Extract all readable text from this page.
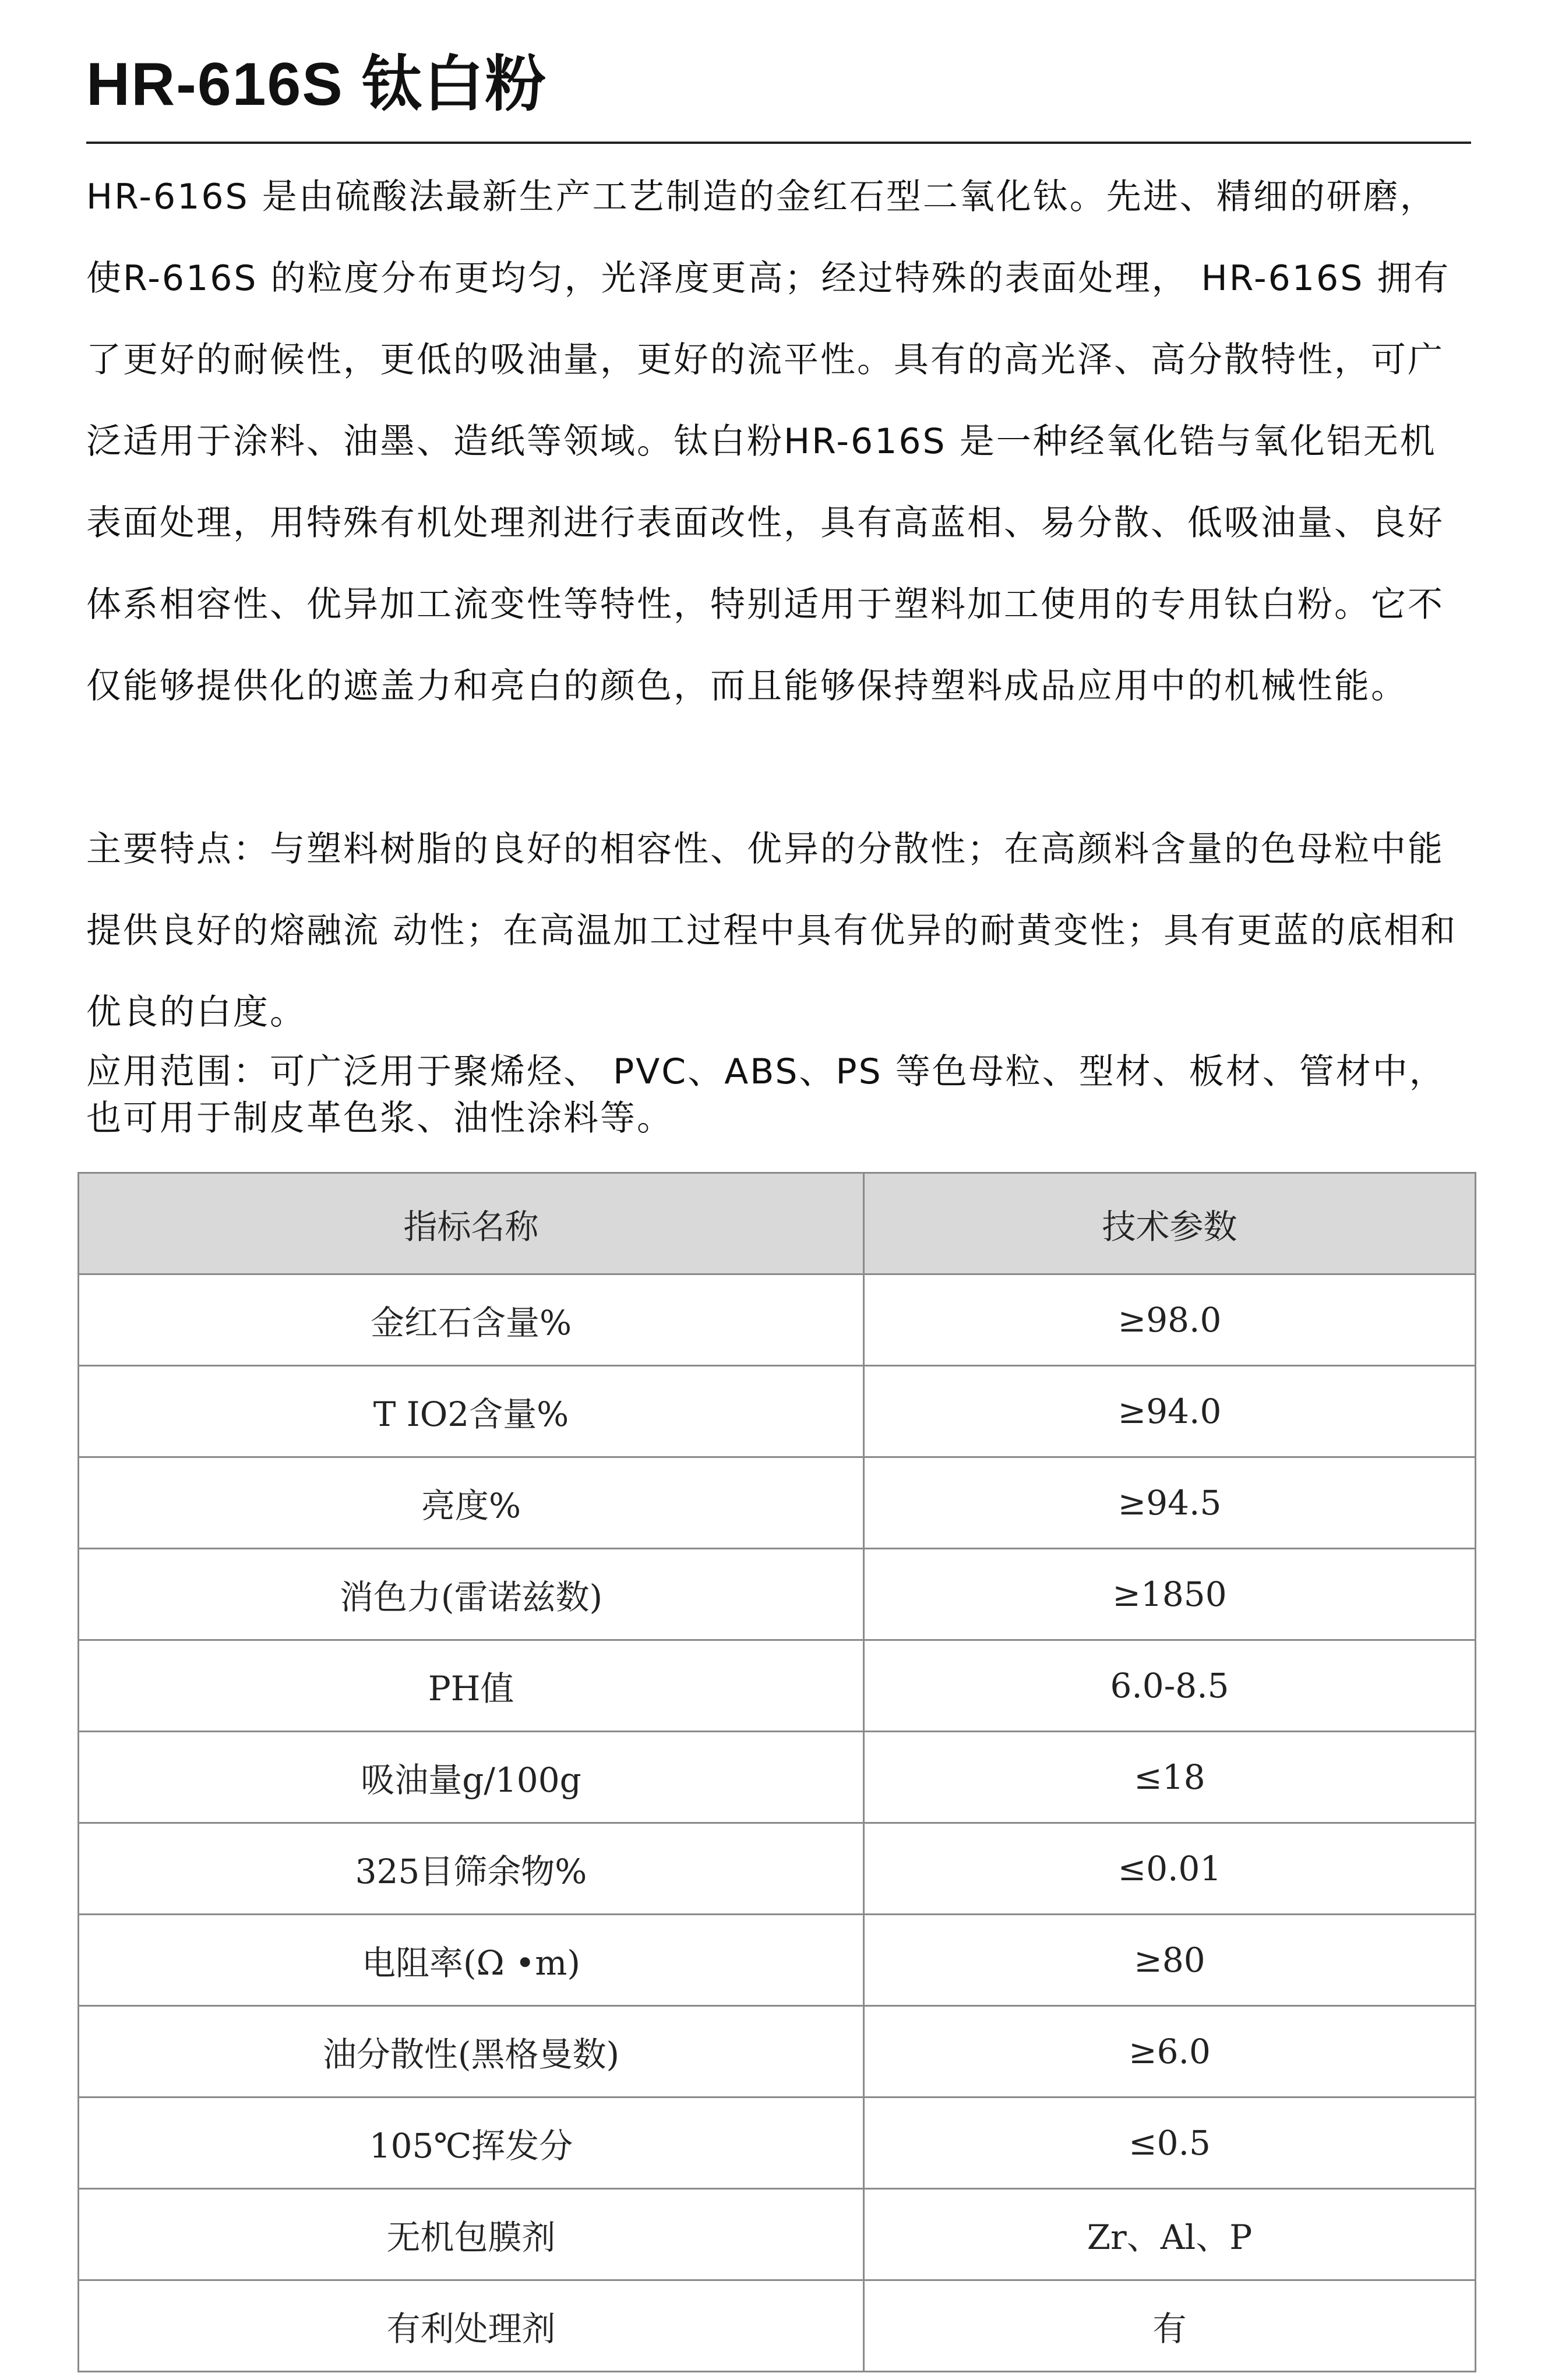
HR-616S 钛白粉

HR-616S 是由硫酸法最新生产工艺制造的金红石型二氧化钛。先进、精细的研磨，使R-616S 的粒度分布更均匀，光泽度更高；经过特殊的表面处理， HR-616S 拥有了更好的耐候性，更低的吸油量，更好的流平性。具有的高光泽、高分散特性，可广泛适用于涂料、油墨、造纸等领域。钛白粉HR-616S 是一种经氧化锆与氧化铝无机表面处理，用特殊有机处理剂进行表面改性，具有高蓝相、易分散、低吸油量、良好体系相容性、优异加工流变性等特性，特别适用于塑料加工使用的专用钛白粉。它不仅能够提供化的遮盖力和亮白的颜色，而且能够保持塑料成品应用中的机械性能。

主要特点：与塑料树脂的良好的相容性、优异的分散性；在高颜料含量的色母粒中能提供良好的熔融流 动性；在高温加工过程中具有优异的耐黄变性；具有更蓝的底相和优良的白度。

应用范围：可广泛用于聚烯烃、 PVC、ABS、PS 等色母粒、型材、板材、管材中，也可用于制皮革色浆、油性涂料等。

指标名称	技术参数
金红石含量%	≥98.0
T IO2含量%	≥94.0
亮度%	≥94.5
消色力(雷诺兹数)	≥1850
PH值	6.0-8.5
吸油量g/100g	≤18
325目筛余物%	≤0.01
电阻率(Ω •m)	≥80
油分散性(黑格曼数)	≥6.0
105℃挥发分	≤0.5
无机包膜剂	Zr、Al、P
有利处理剂	有
